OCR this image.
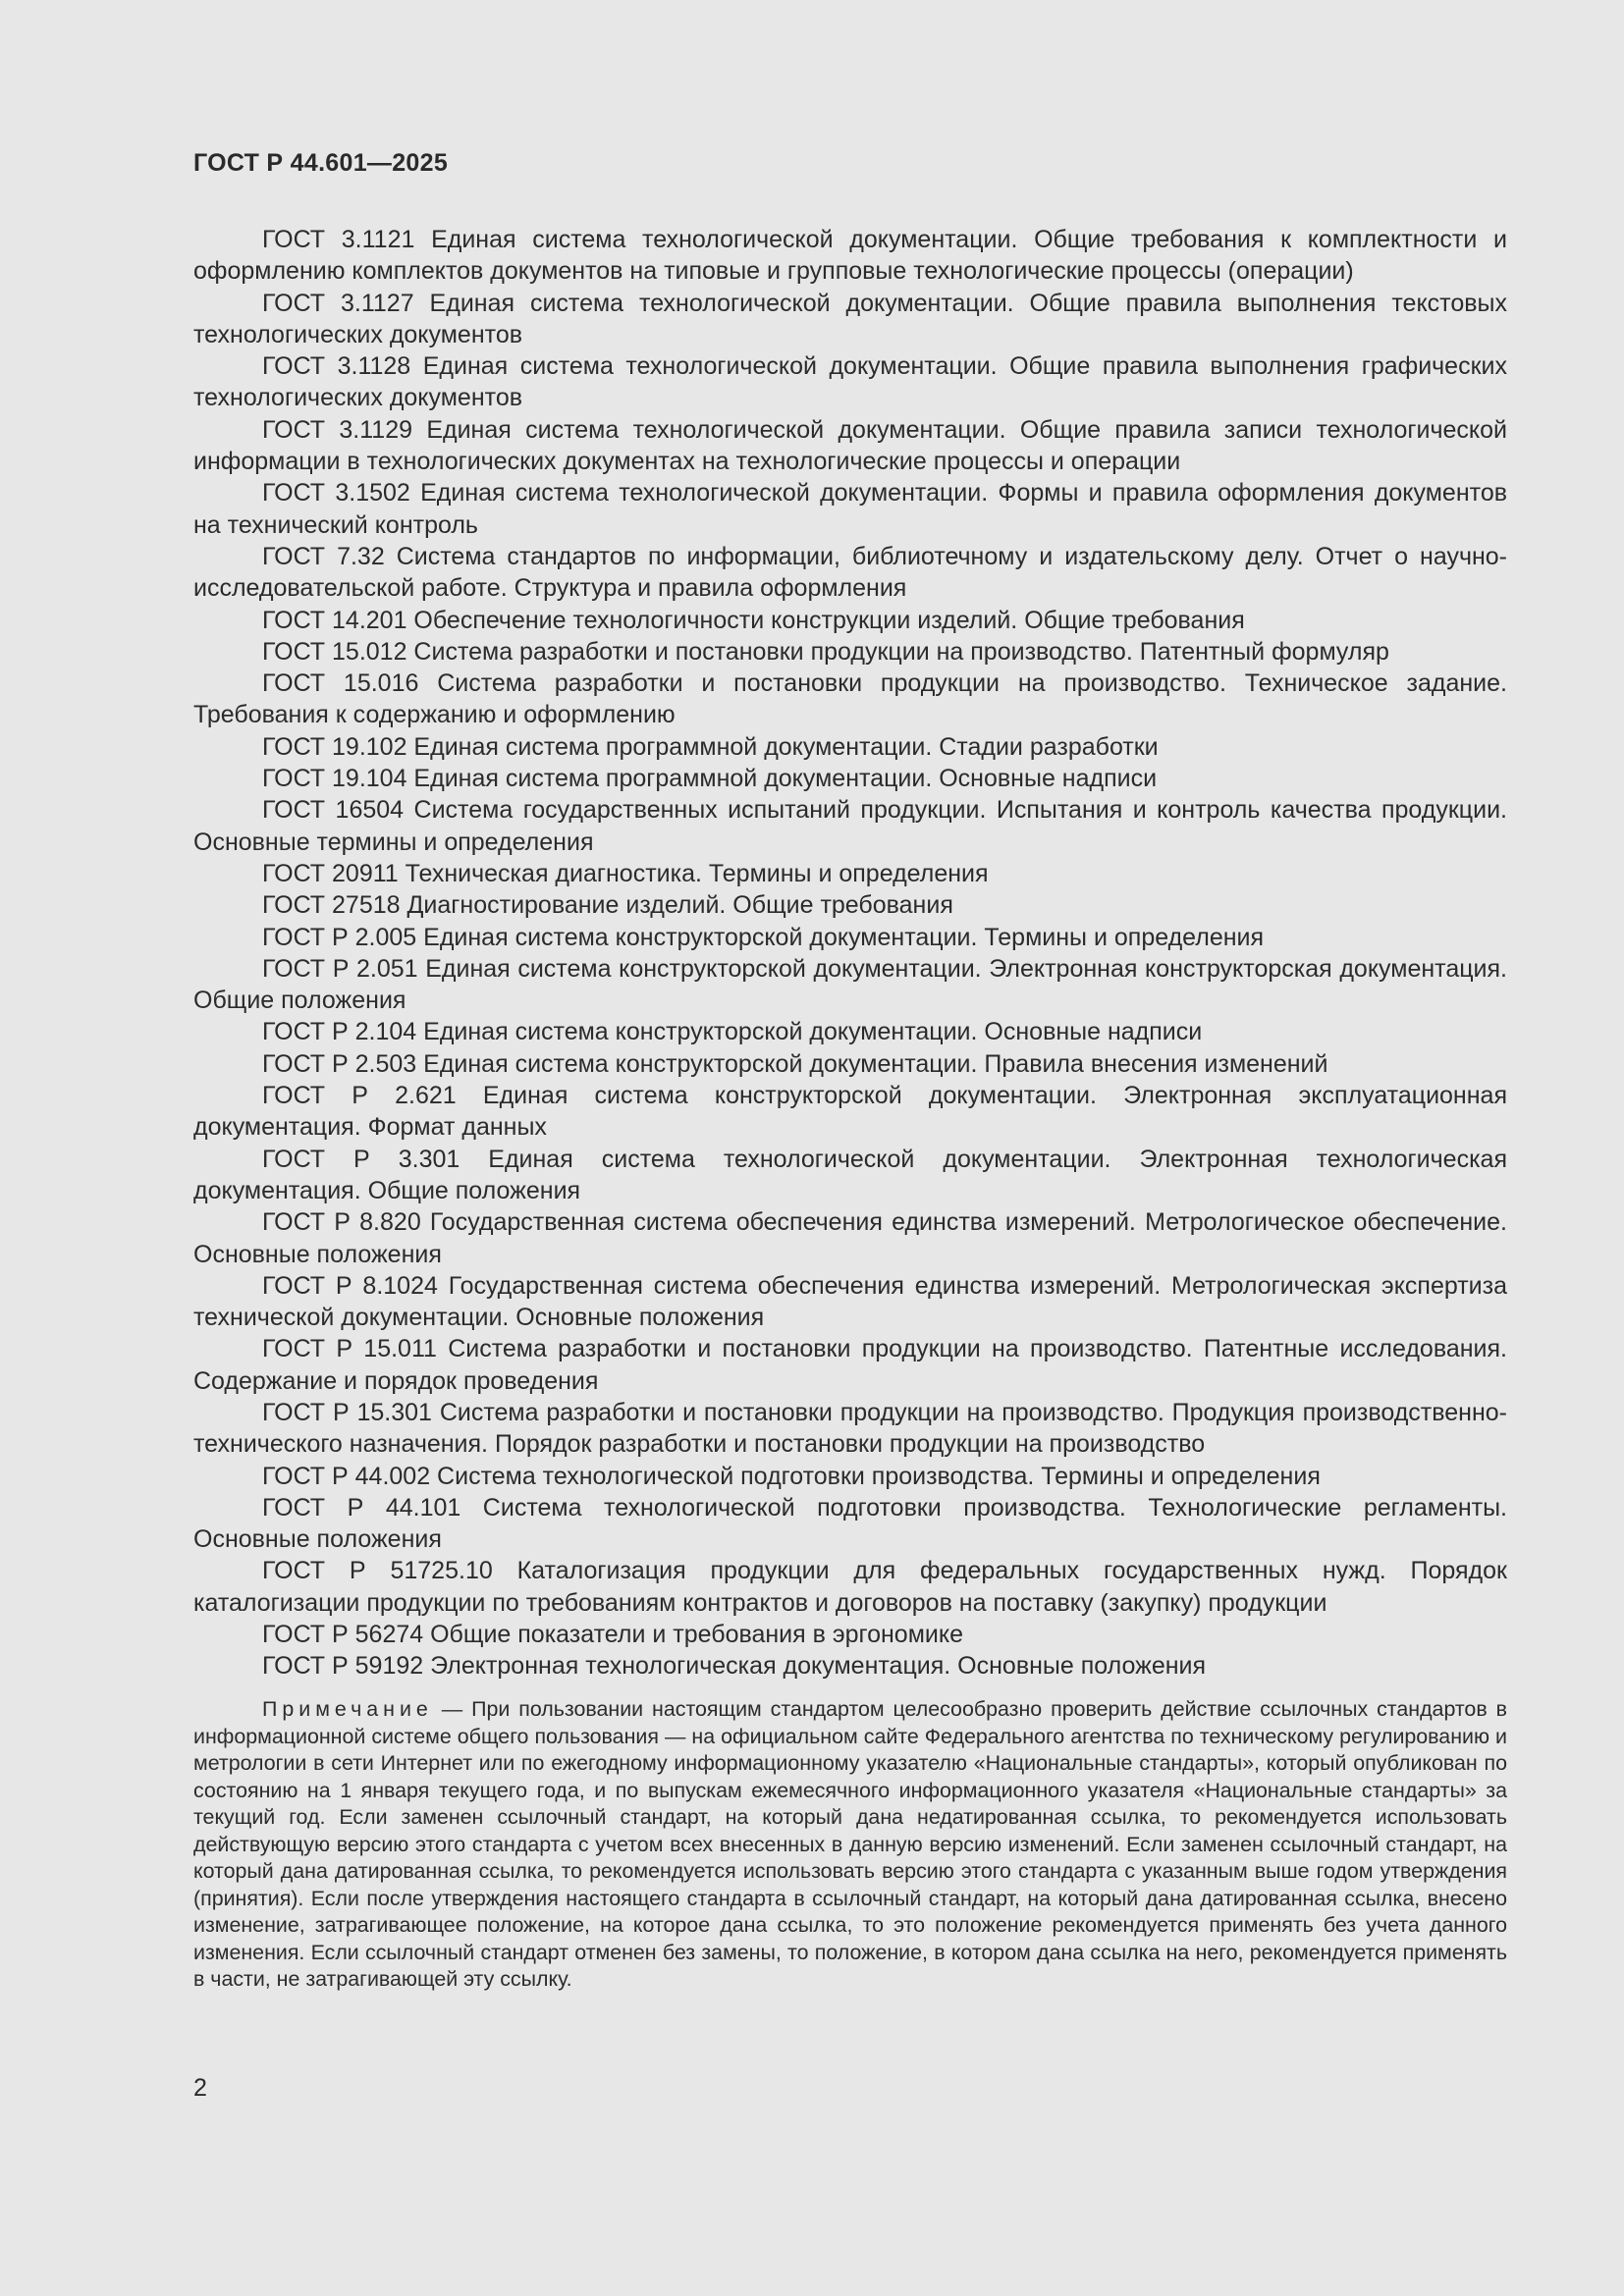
ГОСТ Р 44.601—2025

ГОСТ 3.1121 Единая система технологической документации. Общие требования к комплектности и оформлению комплектов документов на типовые и групповые технологические процессы (операции)

ГОСТ 3.1127 Единая система технологической документации. Общие правила выполнения текстовых технологических документов

ГОСТ 3.1128 Единая система технологической документации. Общие правила выполнения графических технологических документов

ГОСТ 3.1129 Единая система технологической документации. Общие правила записи технологической информации в технологических документах на технологические процессы и операции

ГОСТ 3.1502 Единая система технологической документации. Формы и правила оформления документов на технический контроль

ГОСТ 7.32 Система стандартов по информации, библиотечному и издательскому делу. Отчет о научно-исследовательской работе. Структура и правила оформления

ГОСТ 14.201 Обеспечение технологичности конструкции изделий. Общие требования

ГОСТ 15.012 Система разработки и постановки продукции на производство. Патентный формуляр

ГОСТ 15.016 Система разработки и постановки продукции на производство. Техническое задание. Требования к содержанию и оформлению

ГОСТ 19.102 Единая система программной документации. Стадии разработки

ГОСТ 19.104 Единая система программной документации. Основные надписи

ГОСТ 16504 Система государственных испытаний продукции. Испытания и контроль качества продукции. Основные термины и определения

ГОСТ 20911 Техническая диагностика. Термины и определения

ГОСТ 27518 Диагностирование изделий. Общие требования

ГОСТ Р 2.005 Единая система конструкторской документации. Термины и определения

ГОСТ Р 2.051 Единая система конструкторской документации. Электронная конструкторская документация. Общие положения

ГОСТ Р 2.104 Единая система конструкторской документации. Основные надписи

ГОСТ Р 2.503 Единая система конструкторской документации. Правила внесения изменений

ГОСТ Р 2.621 Единая система конструкторской документации. Электронная эксплуатационная документация. Формат данных

ГОСТ Р 3.301 Единая система технологической документации. Электронная технологическая документация. Общие положения

ГОСТ Р 8.820 Государственная система обеспечения единства измерений. Метрологическое обеспечение. Основные положения

ГОСТ Р 8.1024 Государственная система обеспечения единства измерений. Метрологическая экспертиза технической документации. Основные положения

ГОСТ Р 15.011 Система разработки и постановки продукции на производство. Патентные исследования. Содержание и порядок проведения

ГОСТ Р 15.301 Система разработки и постановки продукции на производство. Продукция производственно-технического назначения. Порядок разработки и постановки продукции на производство

ГОСТ Р 44.002 Система технологической подготовки производства. Термины и определения

ГОСТ Р 44.101 Система технологической подготовки производства. Технологические регламенты. Основные положения

ГОСТ Р 51725.10 Каталогизация продукции для федеральных государственных нужд. Порядок каталогизации продукции по требованиям контрактов и договоров на поставку (закупку) продукции

ГОСТ Р 56274 Общие показатели и требования в эргономике

ГОСТ Р 59192 Электронная технологическая документация. Основные положения

Примечание — При пользовании настоящим стандартом целесообразно проверить действие ссылочных стандартов в информационной системе общего пользования — на официальном сайте Федерального агентства по техническому регулированию и метрологии в сети Интернет или по ежегодному информационному указателю «Национальные стандарты», который опубликован по состоянию на 1 января текущего года, и по выпускам ежемесячного информационного указателя «Национальные стандарты» за текущий год. Если заменен ссылочный стандарт, на который дана недатированная ссылка, то рекомендуется использовать действующую версию этого стандарта с учетом всех внесенных в данную версию изменений. Если заменен ссылочный стандарт, на который дана датированная ссылка, то рекомендуется использовать версию этого стандарта с указанным выше годом утверждения (принятия). Если после утверждения настоящего стандарта в ссылочный стандарт, на который дана датированная ссылка, внесено изменение, затрагивающее положение, на которое дана ссылка, то это положение рекомендуется применять без учета данного изменения. Если ссылочный стандарт отменен без замены, то положение, в котором дана ссылка на него, рекомендуется применять в части, не затрагивающей эту ссылку.

2
